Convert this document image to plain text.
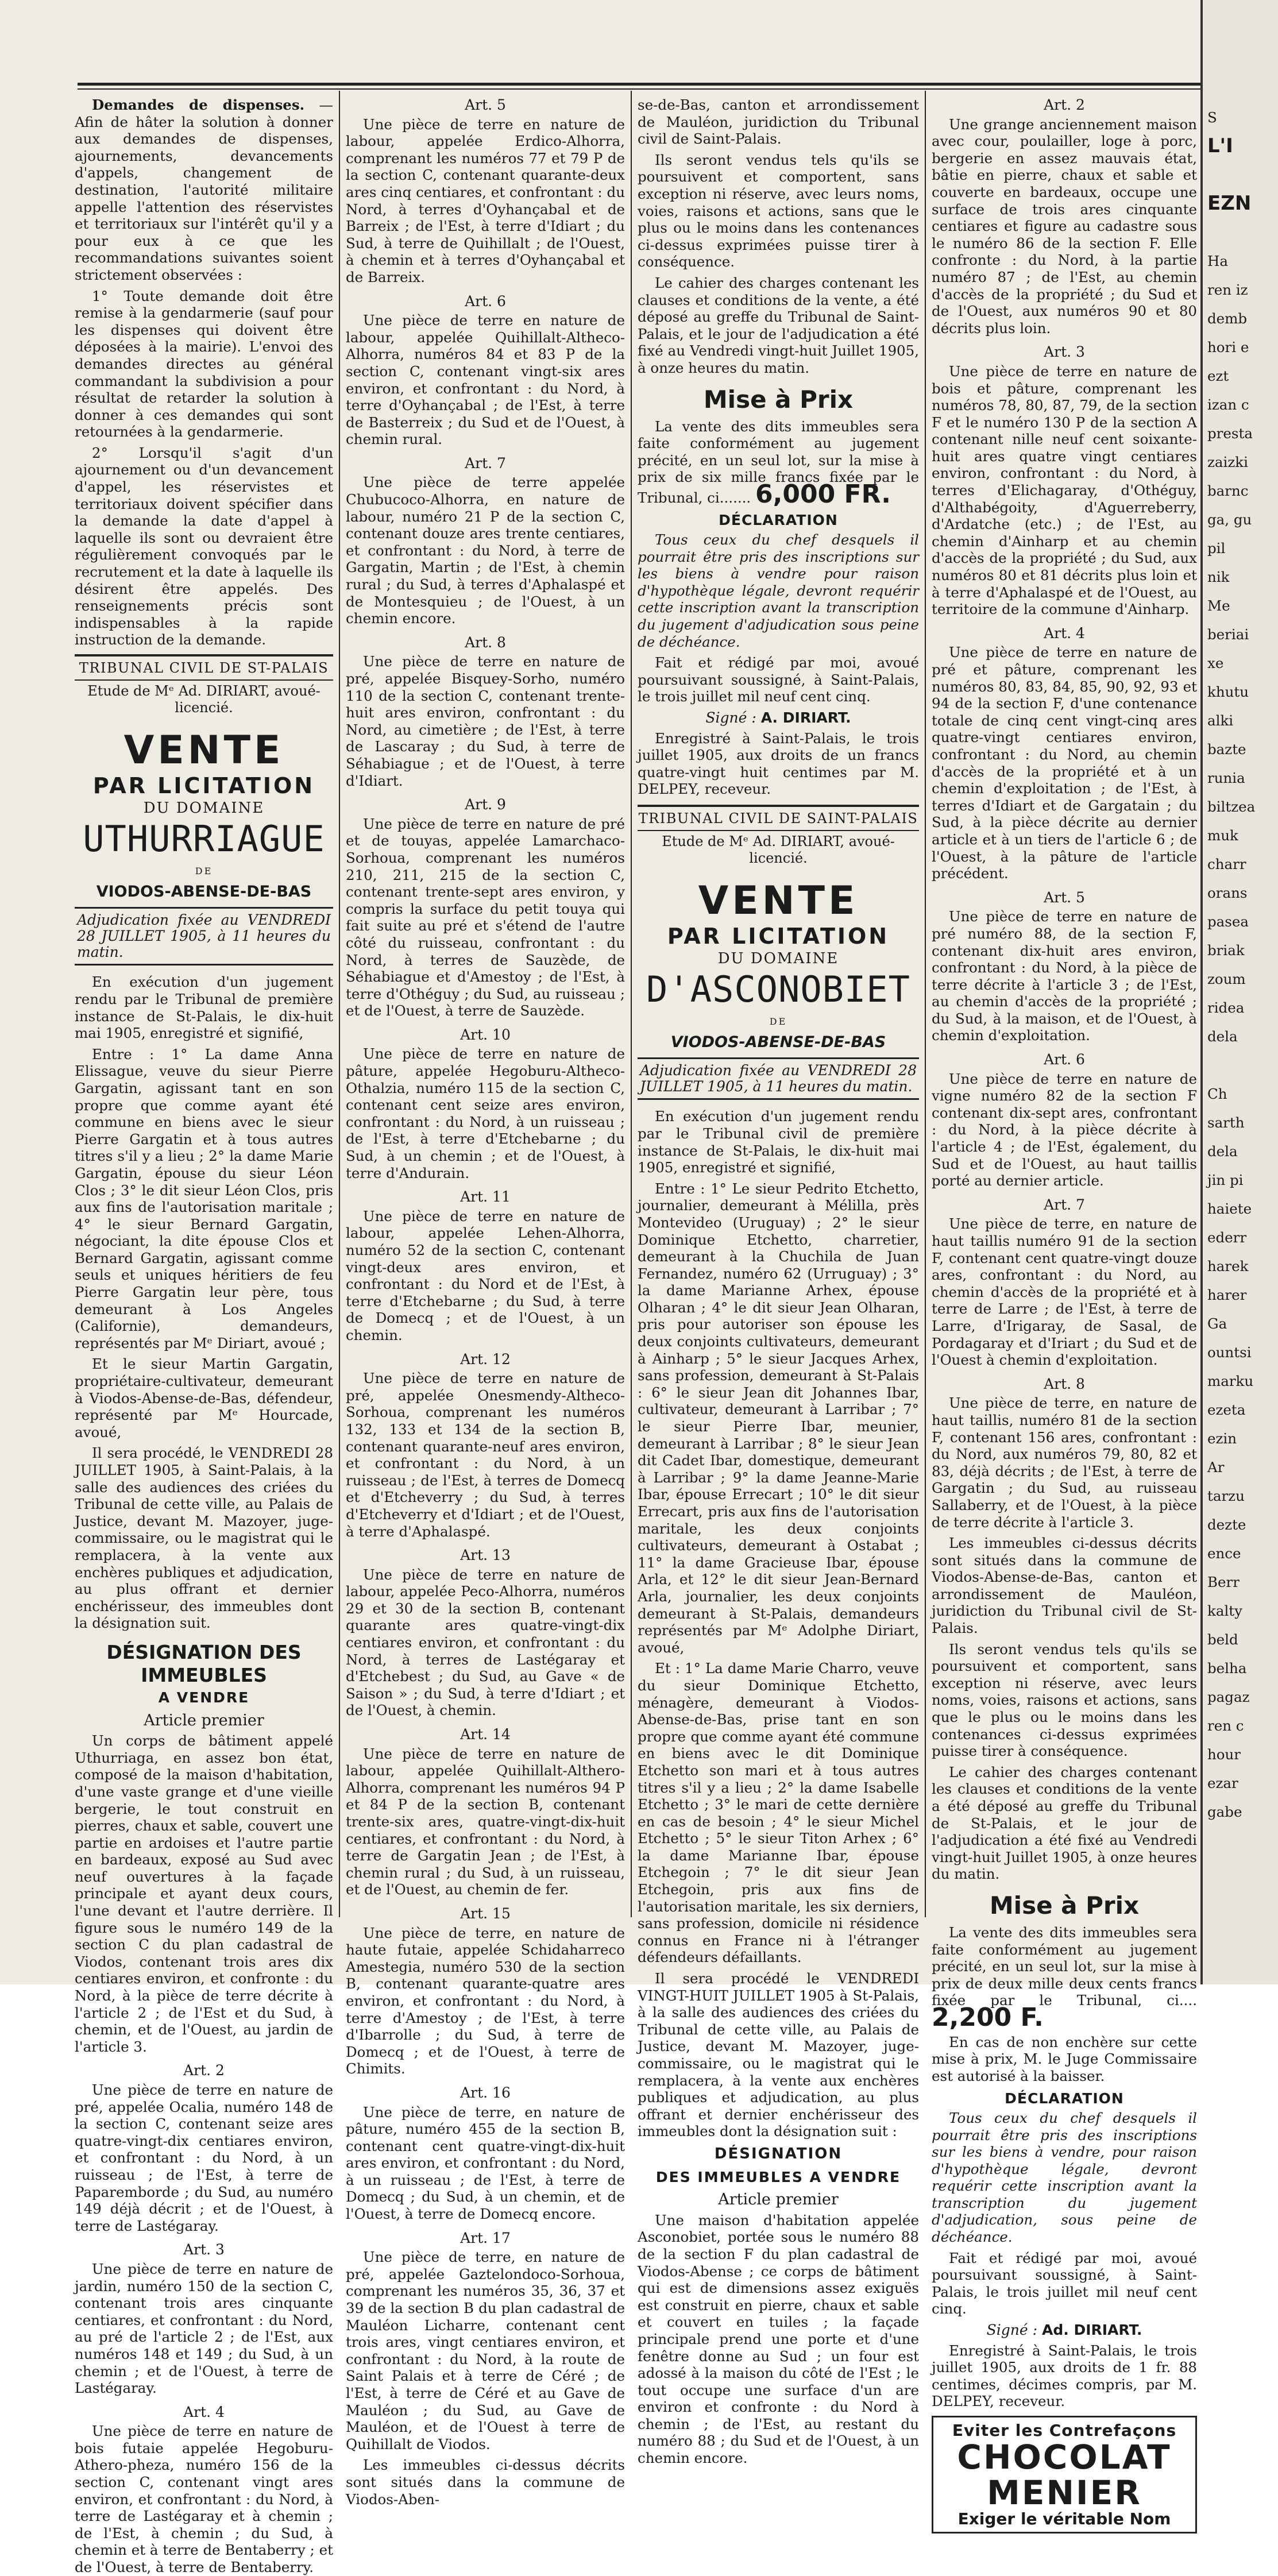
Demandes de dispenses. — Afin de hâter la solution à donner aux demandes de dispenses, ajournements, devancements d'appels, changement de destination, l'autorité militaire appelle l'attention des réservistes et territoriaux sur l'intérêt qu'il y a pour eux à ce que les recommandations suivantes soient strictement observées :

1° Toute demande doit être remise à la gendarmerie (sauf pour les dispenses qui doivent être déposées à la mairie). L'envoi des demandes directes au général commandant la subdivision a pour résultat de retarder la solution à donner à ces demandes qui sont retournées à la gendarmerie.

2° Lorsqu'il s'agit d'un ajournement ou d'un devancement d'appel, les réservistes et territoriaux doivent spécifier dans la demande la date d'appel à laquelle ils sont ou devraient être régulièrement convoqués par le recrutement et la date à laquelle ils désirent être appelés. Des renseignements précis sont indispensables à la rapide instruction de la demande.

TRIBUNAL CIVIL DE ST-PALAIS
Etude de Mᵉ Ad. DIRIART, avoué-licencié.
VENTE
PAR LICITATION
DU DOMAINE
UTHURRIAGUE
DE
VIODOS-ABENSE-DE-BAS
Adjudication fixée au VENDREDI 28 JUILLET 1905, à 11 heures du matin.

En exécution d'un jugement rendu par le Tribunal de première instance de St-Palais, le dix-huit mai 1905, enregistré et signifié,

Entre : 1° La dame Anna Elissague, veuve du sieur Pierre Gargatin, agissant tant en son propre que comme ayant été commune en biens avec le sieur Pierre Gargatin et à tous autres titres s'il y a lieu ; 2° la dame Marie Gargatin, épouse du sieur Léon Clos ; 3° le dit sieur Léon Clos, pris aux fins de l'autorisation maritale ; 4° le sieur Bernard Gargatin, négociant, la dite épouse Clos et Bernard Gargatin, agissant comme seuls et uniques héritiers de feu Pierre Gargatin leur père, tous demeurant à Los Angeles (Californie), demandeurs, représentés par Mᵉ Diriart, avoué ;

Et le sieur Martin Gargatin, propriétaire-cultivateur, demeurant à Viodos-Abense-de-Bas, défendeur, représenté par Mᵉ Hourcade, avoué,

Il sera procédé, le VENDREDI 28 JUILLET 1905, à Saint-Palais, à la salle des audiences des criées du Tribunal de cette ville, au Palais de Justice, devant M. Mazoyer, juge-commissaire, ou le magistrat qui le remplacera, à la vente aux enchères publiques et adjudication, au plus offrant et dernier enchérisseur, des immeubles dont la désignation suit.

DÉSIGNATION DES IMMEUBLES
A VENDRE
Article premier

Un corps de bâtiment appelé Uthurriaga, en assez bon état, composé de la maison d'habitation, d'une vaste grange et d'une vieille bergerie, le tout construit en pierres, chaux et sable, couvert une partie en ardoises et l'autre partie en bardeaux, exposé au Sud avec neuf ouvertures à la façade principale et ayant deux cours, l'une devant et l'autre derrière. Il figure sous le numéro 149 de la section C du plan cadastral de Viodos, contenant trois ares dix centiares environ, et confronte : du Nord, à la pièce de terre décrite à l'article 2 ; de l'Est et du Sud, à chemin, et de l'Ouest, au jardin de l'article 3.

Art. 2

Une pièce de terre en nature de pré, appelée Ocalia, numéro 148 de la section C, contenant seize ares quatre-vingt-dix centiares environ, et confrontant : du Nord, à un ruisseau ; de l'Est, à terre de Paparemborde ; du Sud, au numéro 149 déjà décrit ; et de l'Ouest, à terre de Lastégaray.

Art. 3

Une pièce de terre en nature de jardin, numéro 150 de la section C, contenant trois ares cinquante centiares, et confrontant : du Nord, au pré de l'article 2 ; de l'Est, aux numéros 148 et 149 ; du Sud, à un chemin ; et de l'Ouest, à terre de Lastégaray.

Art. 4

Une pièce de terre en nature de bois futaie appelée Hegoburu-Athero-pheza, numéro 156 de la section C, contenant vingt ares environ, et confrontant : du Nord, à terre de Lastégaray et à chemin ; de l'Est, à chemin ; du Sud, à chemin et à terre de Bentaberry ; et de l'Ouest, à terre de Bentaberry.

Art. 5

Une pièce de terre en nature de labour, appelée Erdico-Alhorra, comprenant les numéros 77 et 79 P de la section C, contenant quarante-deux ares cinq centiares, et confrontant : du Nord, à terres d'Oyhançabal et de Barreix ; de l'Est, à terre d'Idiart ; du Sud, à terre de Quihillalt ; de l'Ouest, à chemin et à terres d'Oyhançabal et de Barreix.

Art. 6

Une pièce de terre en nature de labour, appelée Quihillalt-Altheco-Alhorra, numéros 84 et 83 P de la section C, contenant vingt-six ares environ, et confrontant : du Nord, à terre d'Oyhançabal ; de l'Est, à terre de Basterreix ; du Sud et de l'Ouest, à chemin rural.

Art. 7

Une pièce de terre appelée Chubucoco-Alhorra, en nature de labour, numéro 21 P de la section C, contenant douze ares trente centiares, et confrontant : du Nord, à terre de Gargatin, Martin ; de l'Est, à chemin rural ; du Sud, à terres d'Aphalaspé et de Montesquieu ; de l'Ouest, à un chemin encore.

Art. 8

Une pièce de terre en nature de pré, appelée Bisquey-Sorho, numéro 110 de la section C, contenant trente-huit ares environ, confrontant : du Nord, au cimetière ; de l'Est, à terre de Lascaray ; du Sud, à terre de Séhabiague ; et de l'Ouest, à terre d'Idiart.

Art. 9

Une pièce de terre en nature de pré et de touyas, appelée Lamarchaco-Sorhoua, comprenant les numéros 210, 211, 215 de la section C, contenant trente-sept ares environ, y compris la surface du petit touya qui fait suite au pré et s'étend de l'autre côté du ruisseau, confrontant : du Nord, à terres de Sauzède, de Séhabiague et d'Amestoy ; de l'Est, à terre d'Othéguy ; du Sud, au ruisseau ; et de l'Ouest, à terre de Sauzède.

Art. 10

Une pièce de terre en nature de pâture, appelée Hegoburu-Altheco-Othalzia, numéro 115 de la section C, contenant cent seize ares environ, confrontant : du Nord, à un ruisseau ; de l'Est, à terre d'Etchebarne ; du Sud, à un chemin ; et de l'Ouest, à terre d'Andurain.

Art. 11

Une pièce de terre en nature de labour, appelée Lehen-Alhorra, numéro 52 de la section C, contenant vingt-deux ares environ, et confrontant : du Nord et de l'Est, à terre d'Etchebarne ; du Sud, à terre de Domecq ; et de l'Ouest, à un chemin.

Art. 12

Une pièce de terre en nature de pré, appelée Onesmendy-Altheco-Sorhoua, comprenant les numéros 132, 133 et 134 de la section B, contenant quarante-neuf ares environ, et confrontant : du Nord, à un ruisseau ; de l'Est, à terres de Domecq et d'Etcheverry ; du Sud, à terres d'Etcheverry et d'Idiart ; et de l'Ouest, à terre d'Aphalaspé.

Art. 13

Une pièce de terre en nature de labour, appelée Peco-Alhorra, numéros 29 et 30 de la section B, contenant quarante ares quatre-vingt-dix centiares environ, et confrontant : du Nord, à terres de Lastégaray et d'Etchebest ; du Sud, au Gave « de Saison » ; du Sud, à terre d'Idiart ; et de l'Ouest, à chemin.

Art. 14

Une pièce de terre en nature de labour, appelée Quihillalt-Althero-Alhorra, comprenant les numéros 94 P et 84 P de la section B, contenant trente-six ares, quatre-vingt-dix-huit centiares, et confrontant : du Nord, à terre de Gargatin Jean ; de l'Est, à chemin rural ; du Sud, à un ruisseau, et de l'Ouest, au chemin de fer.

Art. 15

Une pièce de terre, en nature de haute futaie, appelée Schidaharreco Amestegia, numéro 530 de la section B, contenant quarante-quatre ares environ, et confrontant : du Nord, à terre d'Amestoy ; de l'Est, à terre d'Ibarrolle ; du Sud, à terre de Domecq ; et de l'Ouest, à terre de Chimits.

Art. 16

Une pièce de terre, en nature de pâture, numéro 455 de la section B, contenant cent quatre-vingt-dix-huit ares environ, et confrontant : du Nord, à un ruisseau ; de l'Est, à terre de Domecq ; du Sud, à un chemin, et de l'Ouest, à terre de Domecq encore.

Art. 17

Une pièce de terre, en nature de pré, appelée Gaztelondoco-Sorhoua, comprenant les numéros 35, 36, 37 et 39 de la section B du plan cadastral de Mauléon Licharre, contenant cent trois ares, vingt centiares environ, et confrontant : du Nord, à la route de Saint Palais et à terre de Céré ; de l'Est, à terre de Céré et au Gave de Mauléon ; du Sud, au Gave de Mauléon, et de l'Ouest à terre de Quihillalt de Viodos.

Les immeubles ci-dessus décrits sont situés dans la commune de Viodos-Aben-

se-de-Bas, canton et arrondissement de Mauléon, juridiction du Tribunal civil de Saint-Palais.

Ils seront vendus tels qu'ils se poursuivent et comportent, sans exception ni réserve, avec leurs noms, voies, raisons et actions, sans que le plus ou le moins dans les contenances ci-dessus exprimées puisse tirer à conséquence.

Le cahier des charges contenant les clauses et conditions de la vente, a été déposé au greffe du Tribunal de Saint-Palais, et le jour de l'adjudication a été fixé au Vendredi vingt-huit Juillet 1905, à onze heures du matin.

Mise à Prix

La vente des dits immeubles sera faite conformément au jugement précité, en un seul lot, sur la mise à prix de six mille francs fixée par le Tribunal, ci....... 6,000 FR.

DÉCLARATION

Tous ceux du chef desquels il pourrait être pris des inscriptions sur les biens à vendre pour raison d'hypothèque légale, devront requérir cette inscription avant la transcription du jugement d'adjudication sous peine de déchéance.

Fait et rédigé par moi, avoué poursuivant soussigné, à Saint-Palais, le trois juillet mil neuf cent cinq.

Signé : A. DIRIART.

Enregistré à Saint-Palais, le trois juillet 1905, aux droits de un francs quatre-vingt huit centimes par M. DELPEY, receveur.

TRIBUNAL CIVIL DE SAINT-PALAIS
Etude de Mᵉ Ad. DIRIART, avoué-licencié.
VENTE
PAR LICITATION
DU DOMAINE
D'ASCONOBIET
DE
VIODOS-ABENSE-DE-BAS
Adjudication fixée au VENDREDI 28 JUILLET 1905, à 11 heures du matin.

En exécution d'un jugement rendu par le Tribunal civil de première instance de St-Palais, le dix-huit mai 1905, enregistré et signifié,

Entre : 1° Le sieur Pedrito Etchetto, journalier, demeurant à Mélilla, près Montevideo (Uruguay) ; 2° le sieur Dominique Etchetto, charretier, demeurant à la Chuchila de Juan Fernandez, numéro 62 (Urruguay) ; 3° la dame Marianne Arhex, épouse Olharan ; 4° le dit sieur Jean Olharan, pris pour autoriser son épouse les deux conjoints cultivateurs, demeurant à Ainharp ; 5° le sieur Jacques Arhex, sans profession, demeurant à St-Palais : 6° le sieur Jean dit Johannes Ibar, cultivateur, demeurant à Larribar ; 7° le sieur Pierre Ibar, meunier, demeurant à Larribar ; 8° le sieur Jean dit Cadet Ibar, domestique, demeurant à Larribar ; 9° la dame Jeanne-Marie Ibar, épouse Errecart ; 10° le dit sieur Errecart, pris aux fins de l'autorisation maritale, les deux conjoints cultivateurs, demeurant à Ostabat ; 11° la dame Gracieuse Ibar, épouse Arla, et 12° le dit sieur Jean-Bernard Arla, journalier, les deux conjoints demeurant à St-Palais, demandeurs représentés par Mᵉ Adolphe Diriart, avoué,

Et : 1° La dame Marie Charro, veuve du sieur Dominique Etchetto, ménagère, demeurant à Viodos-Abense-de-Bas, prise tant en son propre que comme ayant été commune en biens avec le dit Dominique Etchetto son mari et à tous autres titres s'il y a lieu ; 2° la dame Isabelle Etchetto ; 3° le mari de cette dernière en cas de besoin ; 4° le sieur Michel Etchetto ; 5° le sieur Titon Arhex ; 6° la dame Marianne Ibar, épouse Etchegoin ; 7° le dit sieur Jean Etchegoin, pris aux fins de l'autorisation maritale, les six derniers, sans profession, domicile ni résidence connus en France ni à l'étranger défendeurs défaillants.

Il sera procédé le VENDREDI VINGT-HUIT JUILLET 1905 à St-Palais, à la salle des audiences des criées du Tribunal de cette ville, au Palais de Justice, devant M. Mazoyer, juge-commissaire, ou le magistrat qui le remplacera, à la vente aux enchères publiques et adjudication, au plus offrant et dernier enchérisseur des immeubles dont la désignation suit :

DÉSIGNATION
DES IMMEUBLES A VENDRE
Article premier

Une maison d'habitation appelée Asconobiet, portée sous le numéro 88 de la section F du plan cadastral de Viodos-Abense ; ce corps de bâtiment qui est de dimensions assez exiguës est construit en pierre, chaux et sable et couvert en tuiles ; la façade principale prend une porte et d'une fenêtre donne au Sud ; un four est adossé à la maison du côté de l'Est ; le tout occupe une surface d'un are environ et confronte : du Nord à chemin ; de l'Est, au restant du numéro 88 ; du Sud et de l'Ouest, à un chemin encore.

Art. 2

Une grange anciennement maison avec cour, poulailler, loge à porc, bergerie en assez mauvais état, bâtie en pierre, chaux et sable et couverte en bardeaux, occupe une surface de trois ares cinquante centiares et figure au cadastre sous le numéro 86 de la section F. Elle confronte : du Nord, à la partie numéro 87 ; de l'Est, au chemin d'accès de la propriété ; du Sud et de l'Ouest, aux numéros 90 et 80 décrits plus loin.

Art. 3

Une pièce de terre en nature de bois et pâture, comprenant les numéros 78, 80, 87, 79, de la section F et le numéro 130 P de la section A contenant nille neuf cent soixante-huit ares quatre vingt centiares environ, confrontant : du Nord, à terres d'Elichagaray, d'Othéguy, d'Althabégoity, d'Aguerreberry, d'Ardatche (etc.) ; de l'Est, au chemin d'Ainharp et au chemin d'accès de la propriété ; du Sud, aux numéros 80 et 81 décrits plus loin et à terre d'Aphalaspé et de l'Ouest, au territoire de la commune d'Ainharp.

Art. 4

Une pièce de terre en nature de pré et pâture, comprenant les numéros 80, 83, 84, 85, 90, 92, 93 et 94 de la section F, d'une contenance totale de cinq cent vingt-cinq ares quatre-vingt centiares environ, confrontant : du Nord, au chemin d'accès de la propriété et à un chemin d'exploitation ; de l'Est, à terres d'Idiart et de Gargatain ; du Sud, à la pièce décrite au dernier article et à un tiers de l'article 6 ; de l'Ouest, à la pâture de l'article précédent.

Art. 5

Une pièce de terre en nature de pré numéro 88, de la section F, contenant dix-huit ares environ, confrontant : du Nord, à la pièce de terre décrite à l'article 3 ; de l'Est, au chemin d'accès de la propriété ; du Sud, à la maison, et de l'Ouest, à chemin d'exploitation.

Art. 6

Une pièce de terre en nature de vigne numéro 82 de la section F contenant dix-sept ares, confrontant : du Nord, à la pièce décrite à l'article 4 ; de l'Est, également, du Sud et de l'Ouest, au haut taillis porté au dernier article.

Art. 7

Une pièce de terre, en nature de haut taillis numéro 91 de la section F, contenant cent quatre-vingt douze ares, confrontant : du Nord, au chemin d'accès de la propriété et à terre de Larre ; de l'Est, à terre de Larre, d'Irigaray, de Sasal, de Pordagaray et d'Iriart ; du Sud et de l'Ouest à chemin d'exploitation.

Art. 8

Une pièce de terre, en nature de haut taillis, numéro 81 de la section F, contenant 156 ares, confrontant : du Nord, aux numéros 79, 80, 82 et 83, déjà décrits ; de l'Est, à terre de Gargatin ; du Sud, au ruisseau Sallaberry, et de l'Ouest, à la pièce de terre décrite à l'article 3.

Les immeubles ci-dessus décrits sont situés dans la commune de Viodos-Abense-de-Bas, canton et arrondissement de Mauléon, juridiction du Tribunal civil de St-Palais.

Ils seront vendus tels qu'ils se poursuivent et comportent, sans exception ni réserve, avec leurs noms, voies, raisons et actions, sans que le plus ou le moins dans les contenances ci-dessus exprimées puisse tirer à conséquence.

Le cahier des charges contenant les clauses et conditions de la vente a été déposé au greffe du Tribunal de St-Palais, et le jour de l'adjudication a été fixé au Vendredi vingt-huit Juillet 1905, à onze heures du matin.

Mise à Prix

La vente des dits immeubles sera faite conformément au jugement précité, en un seul lot, sur la mise à prix de deux mille deux cents francs fixée par le Tribunal, ci.... 2,200 F.

En cas de non enchère sur cette mise à prix, M. le Juge Commissaire est autorisé à la baisser.

DÉCLARATION

Tous ceux du chef desquels il pourrait être pris des inscriptions sur les biens à vendre, pour raison d'hypothèque légale, devront requérir cette inscription avant la transcription du jugement d'adjudication, sous peine de déchéance.

Fait et rédigé par moi, avoué poursuivant soussigné, à Saint-Palais, le trois juillet mil neuf cent cinq.

Signé : Ad. DIRIART.

Enregistré à Saint-Palais, le trois juillet 1905, aux droits de 1 fr. 88 centimes, décimes compris, par M. DELPEY, receveur.

Eviter les Contrefaçons
CHOCOLAT
MENIER
Exiger le véritable Nom
S
L'I
EZN
Ha
ren iz
demb
hori e
ezt
izan c
presta
zaizki
barnc
ga, gu
pil
nik
Me
beriai
xe
khutu
alki
bazte
runia
biltzea
muk
charr
orans
pasea
briak
zoum
ridea
dela
Ch
sarth
dela
jin pi
haiete
ederr
harek
harer
Ga
ountsi
marku
ezeta
ezin
Ar
tarzu
dezte
ence
Berr
kalty
beld
belha
pagaz
ren c
hour
ezar
gabe
